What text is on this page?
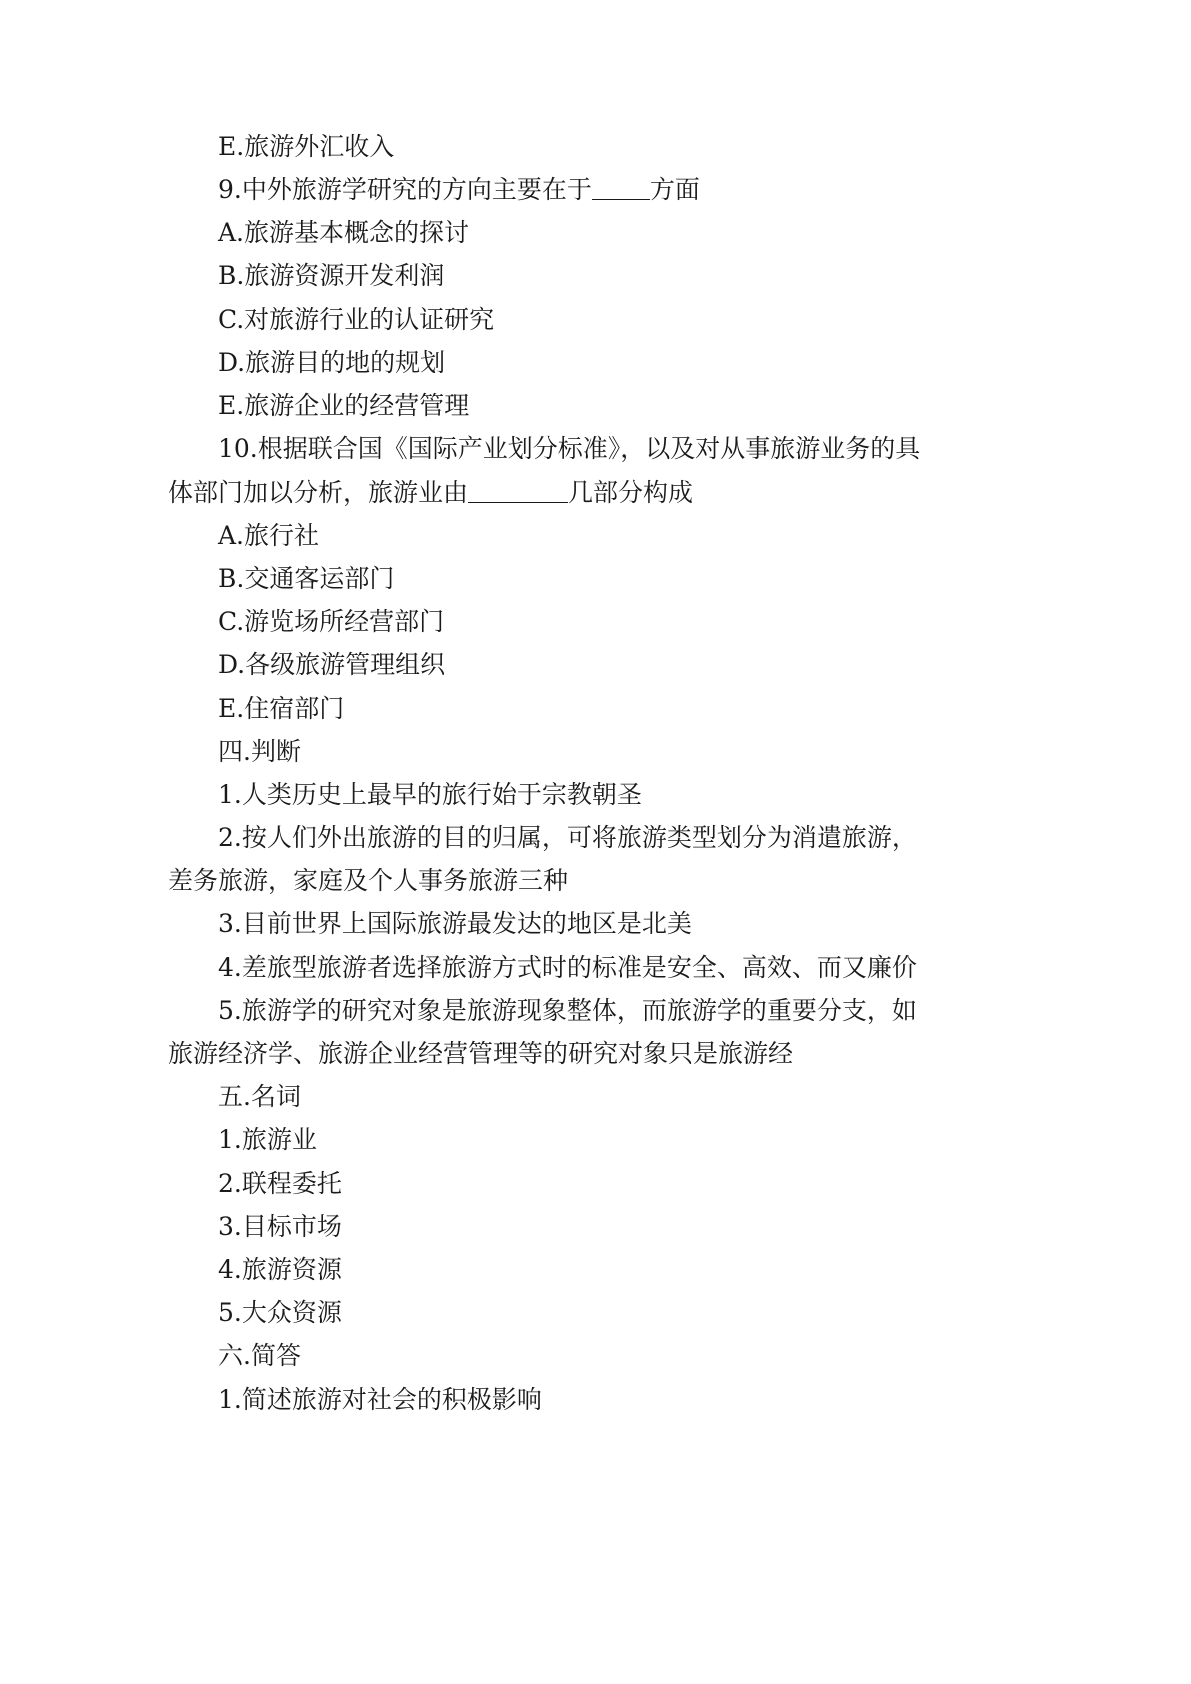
E.旅游外汇收入
9.中外旅游学研究的方向主要在于 方面
A.旅游基本概念的探讨
B.旅游资源开发利润
C.对旅游行业的认证研究
D.旅游目的地的规划
E.旅游企业的经营管理
10.根据联合国《国际产业划分标准》，以及对从事旅游业务的具
体部门加以分析，旅游业由	几部分构成
A.旅行社
B.交通客运部门
C.游览场所经营部门
D.各级旅游管理组织
E.住宿部门
四.判断
1.人类历史上最早的旅行始于宗教朝圣
2.按人们外出旅游的目的归属，可将旅游类型划分为消遣旅游，
差务旅游，家庭及个人事务旅游三种
3.目前世界上国际旅游最发达的地区是北美
4.差旅型旅游者选择旅游方式时的标准是安全、高效、而又廉价
5.旅游学的研究对象是旅游现象整体，而旅游学的重要分支，如
旅游经济学、旅游企业经营管理等的研究对象只是旅游经
五.名词
1.旅游业
2.联程委托
3.目标市场
4.旅游资源
5.大众资源
六.简答
1.简述旅游对社会的积极影响
